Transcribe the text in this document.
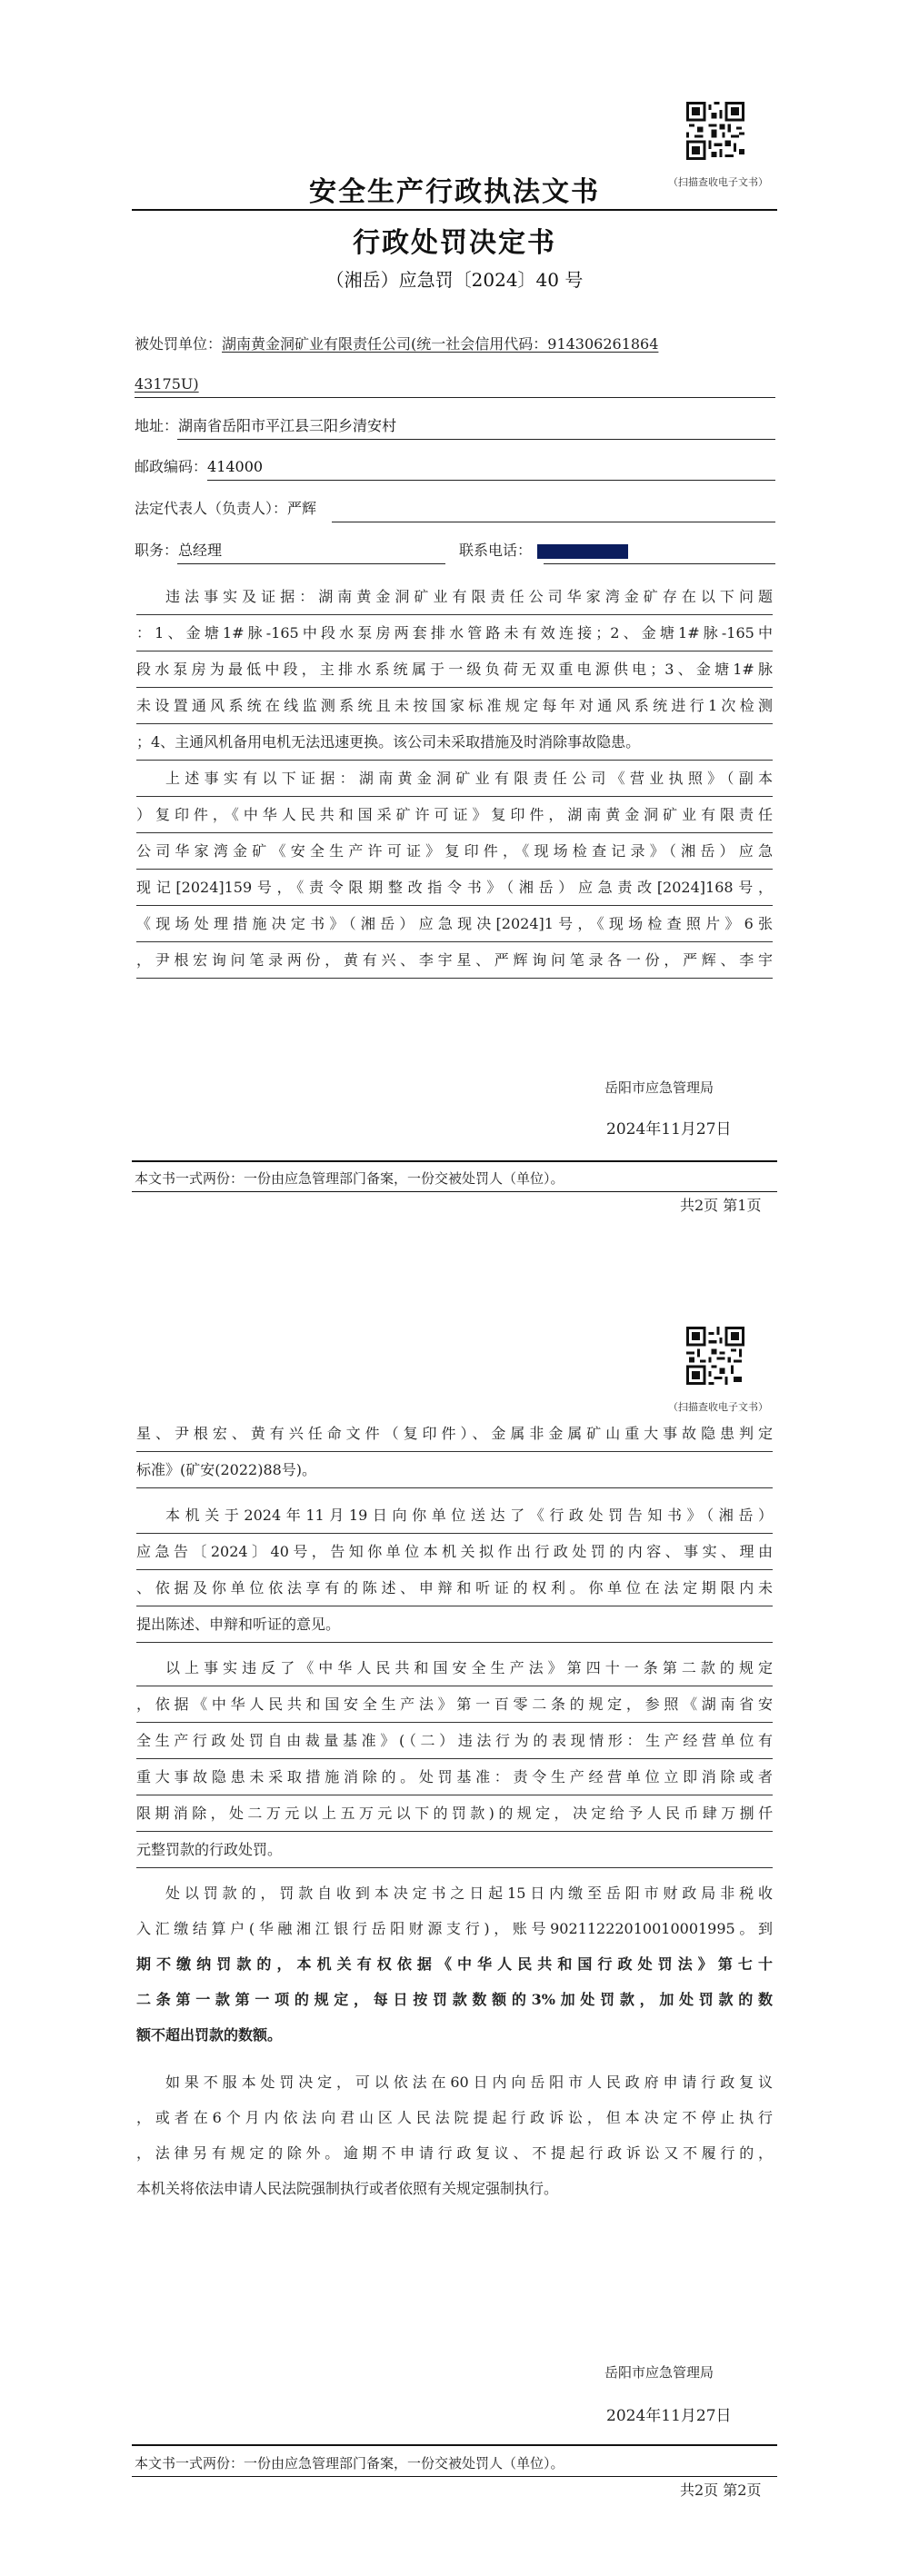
（扫描查收电子文书）
安全生产行政执法文书
行政处罚决定书
（湘岳）应急罚〔2024〕40 号
被处罚单位：湖南黄金洞矿业有限责任公司(统一社会信用代码：914306261864
43175U)
地址：湖南省岳阳市平江县三阳乡清安村
邮政编码：414000
法定代表人（负责人）：严辉
职务：总经理	联系电话：
违法事实及证据：湖南黄金洞矿业有限责任公司华家湾金矿存在以下问题
：1、金塘1#脉-165中段水泵房两套排水管路未有效连接；2、金塘1#脉-165中
段水泵房为最低中段，主排水系统属于一级负荷无双重电源供电；3、金塘1#脉
未设置通风系统在线监测系统且未按国家标准规定每年对通风系统进行1次检测
；4、主通风机备用电机无法迅速更换。该公司未采取措施及时消除事故隐患。
上述事实有以下证据：湖南黄金洞矿业有限责任公司《营业执照》（副本
）复印件，《中华人民共和国采矿许可证》复印件，湖南黄金洞矿业有限责任
公司华家湾金矿《安全生产许可证》复印件，《现场检查记录》（湘岳）应急
现记[2024]159号，《责令限期整改指令书》（湘岳）应急责改[2024]168号，
《现场处理措施决定书》（湘岳）应急现决[2024]1号，《现场检查照片》6张
，尹根宏询问笔录两份，黄有兴、李宇星、严辉询问笔录各一份，严辉、李宇
岳阳市应急管理局
2024年11月27日
本文书一式两份：一份由应急管理部门备案，一份交被处罚人（单位）。
共2页 第1页
（扫描查收电子文书）
星、尹根宏、黄有兴任命文件（复印件）、金属非金属矿山重大事故隐患判定
标准》(矿安(2022)88号)。
本机关于2024年11月19日向你单位送达了《行政处罚告知书》（湘岳）
应急告〔2024〕40号，告知你单位本机关拟作出行政处罚的内容、事实、理由
、依据及你单位依法享有的陈述、申辩和听证的权利。你单位在法定期限内未
提出陈述、申辩和听证的意见。
以上事实违反了《中华人民共和国安全生产法》第四十一条第二款的规定
，依据《中华人民共和国安全生产法》第一百零二条的规定，参照《湖南省安
全生产行政处罚自由裁量基准》(（二）违法行为的表现情形：生产经营单位有
重大事故隐患未采取措施消除的。处罚基准：责令生产经营单位立即消除或者
限期消除，处二万元以上五万元以下的罚款)的规定，决定给予人民币肆万捌仟
元整罚款的行政处罚。
处以罚款的，罚款自收到本决定书之日起15日内缴至岳阳市财政局非税收
入汇缴结算户(华融湘江银行岳阳财源支行)，账号90211222010010001995。到
期不缴纳罚款的，本机关有权依据《中华人民共和国行政处罚法》第七十
二条第一款第一项的规定，每日按罚款数额的3%加处罚款，加处罚款的数
额不超出罚款的数额。
如果不服本处罚决定，可以依法在60日内向岳阳市人民政府申请行政复议
，或者在6个月内依法向君山区人民法院提起行政诉讼，但本决定不停止执行
，法律另有规定的除外。逾期不申请行政复议、不提起行政诉讼又不履行的，
本机关将依法申请人民法院强制执行或者依照有关规定强制执行。
岳阳市应急管理局
2024年11月27日
本文书一式两份：一份由应急管理部门备案，一份交被处罚人（单位）。
共2页 第2页
